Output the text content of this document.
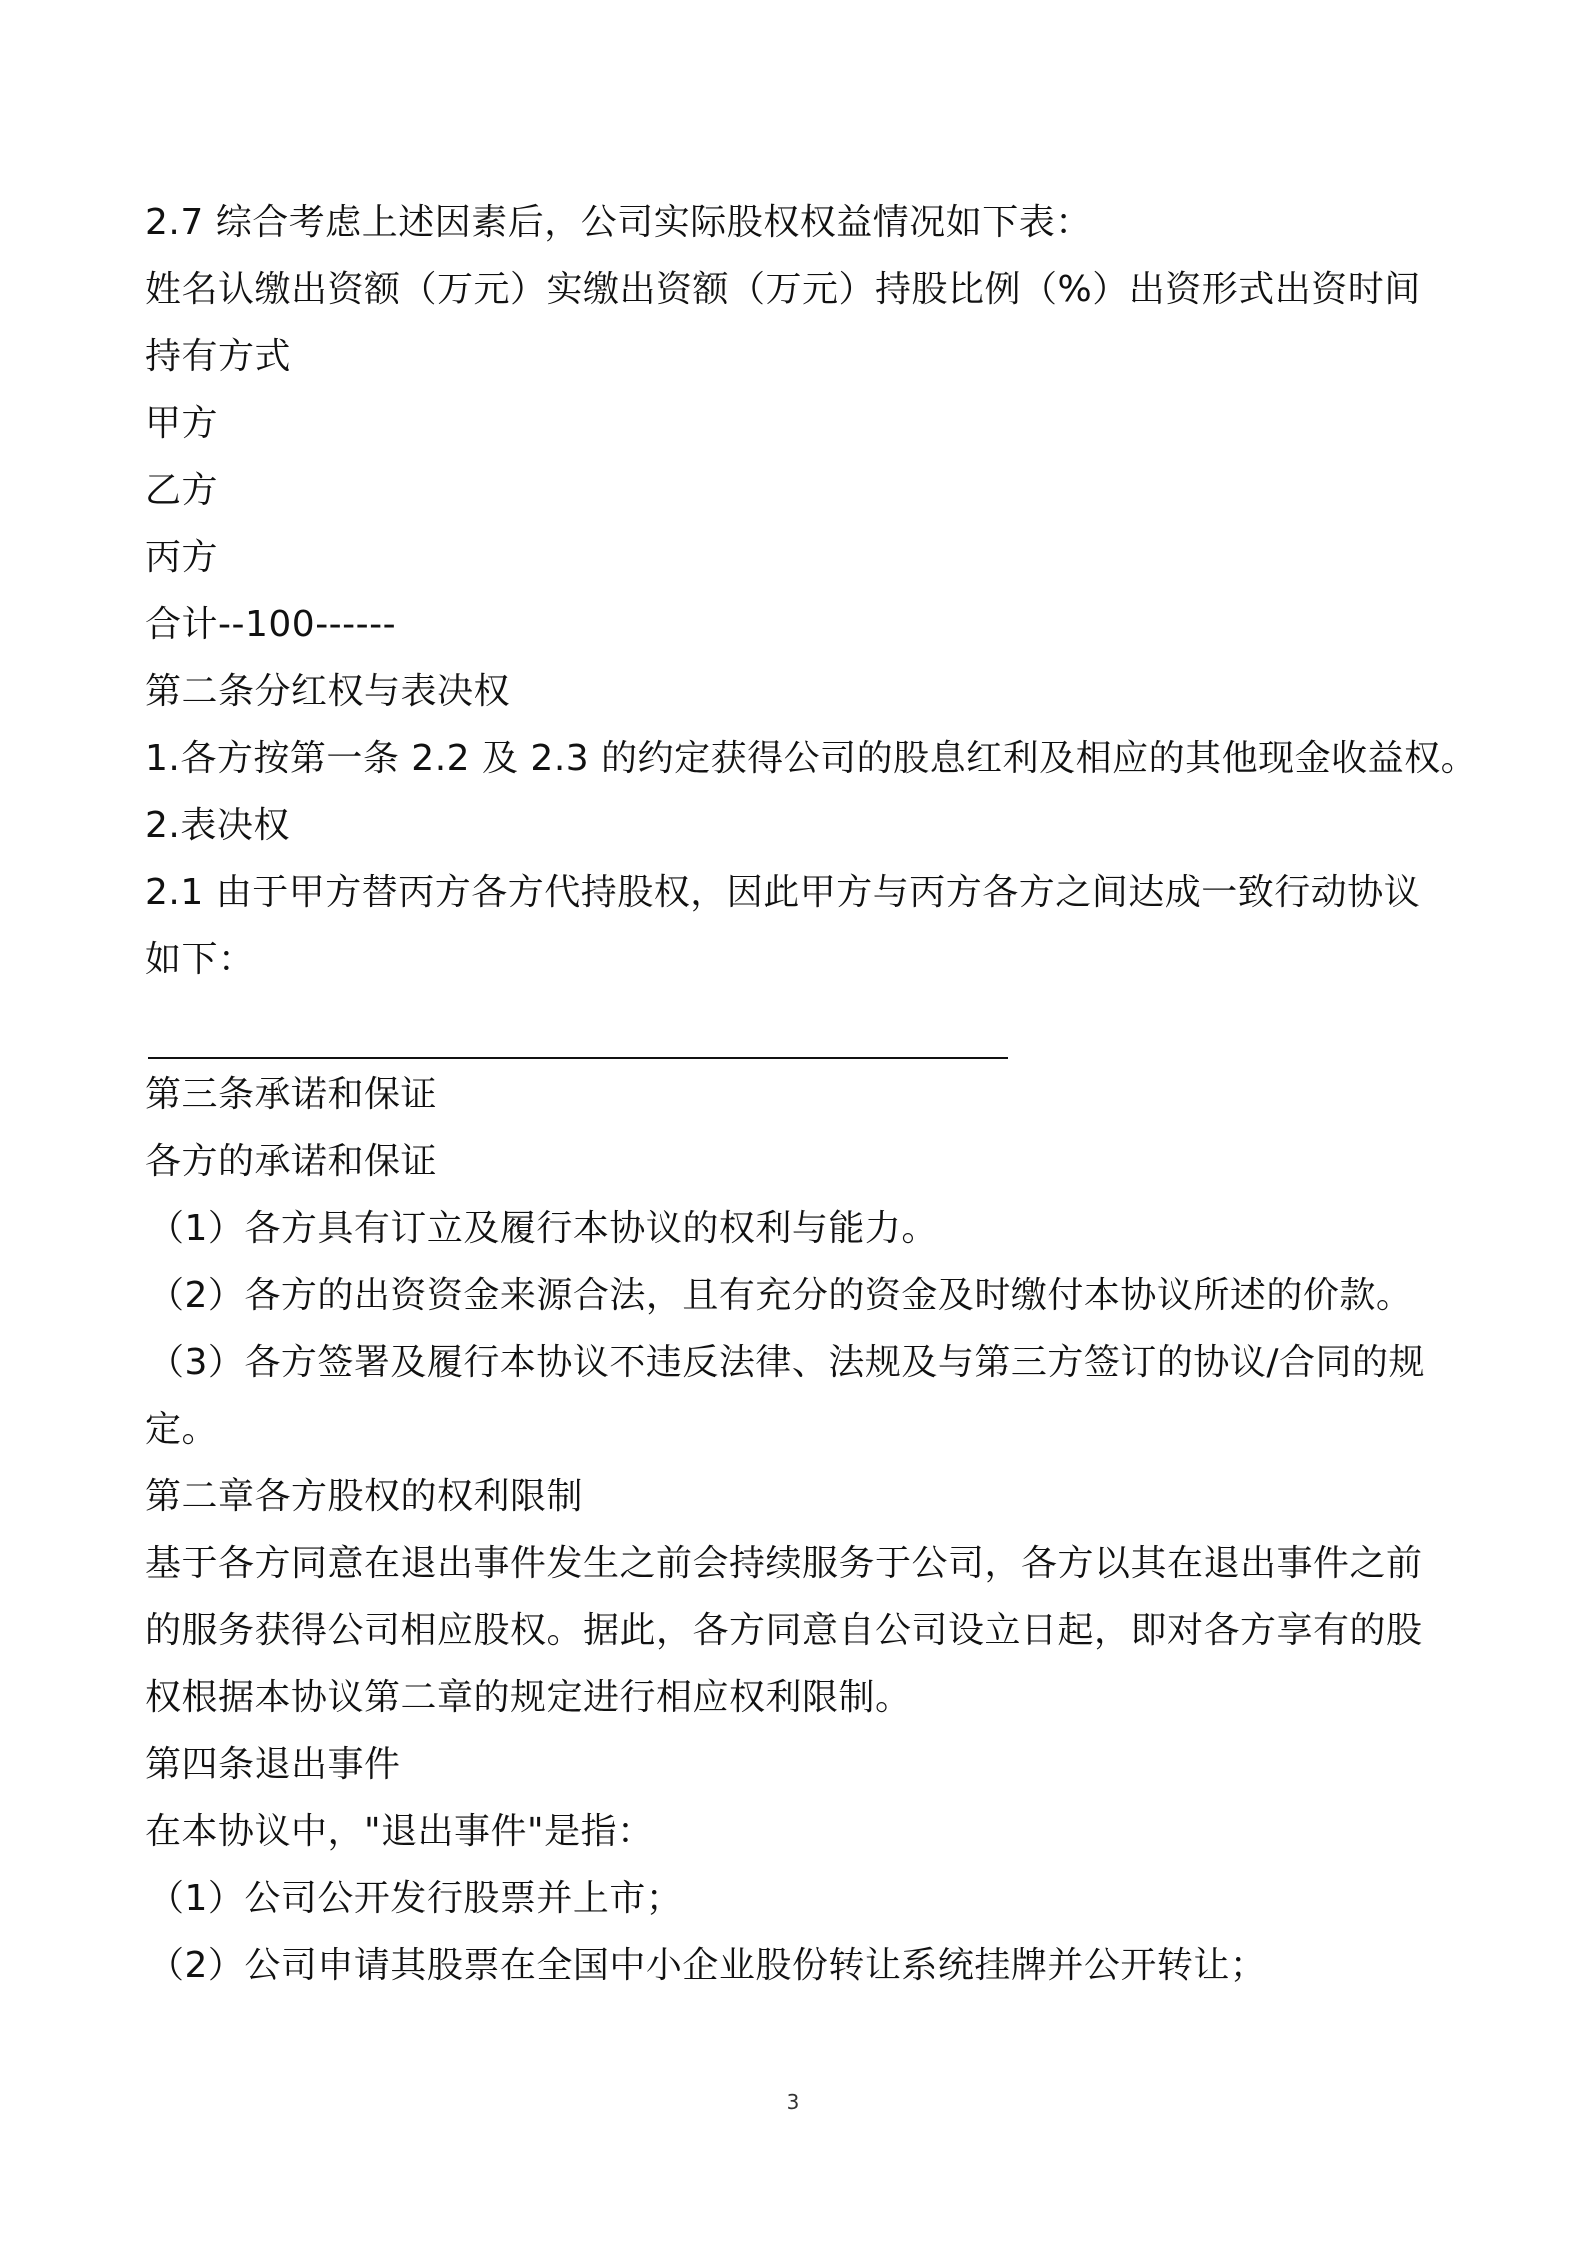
2.7 综合考虑上述因素后，公司实际股权权益情况如下表：

姓名认缴出资额（万元）实缴出资额（万元）持股比例（%）出资形式出资时间

持有方式

甲方

乙方

丙方

合计--100------

第二条分红权与表决权

1.各方按第一条 2.2 及 2.3 的约定获得公司的股息红利及相应的其他现金收益权。

2.表决权

2.1 由于甲方替丙方各方代持股权，因此甲方与丙方各方之间达成一致行动协议

如下：

第三条承诺和保证

各方的承诺和保证

（1）各方具有订立及履行本协议的权利与能力。

（2）各方的出资资金来源合法，且有充分的资金及时缴付本协议所述的价款。

（3）各方签署及履行本协议不违反法律、法规及与第三方签订的协议/合同的规

定。

第二章各方股权的权利限制

基于各方同意在退出事件发生之前会持续服务于公司，各方以其在退出事件之前

的服务获得公司相应股权。据此，各方同意自公司设立日起，即对各方享有的股

权根据本协议第二章的规定进行相应权利限制。

第四条退出事件

在本协议中，"退出事件"是指：

（1）公司公开发行股票并上市；

（2）公司申请其股票在全国中小企业股份转让系统挂牌并公开转让；

3
